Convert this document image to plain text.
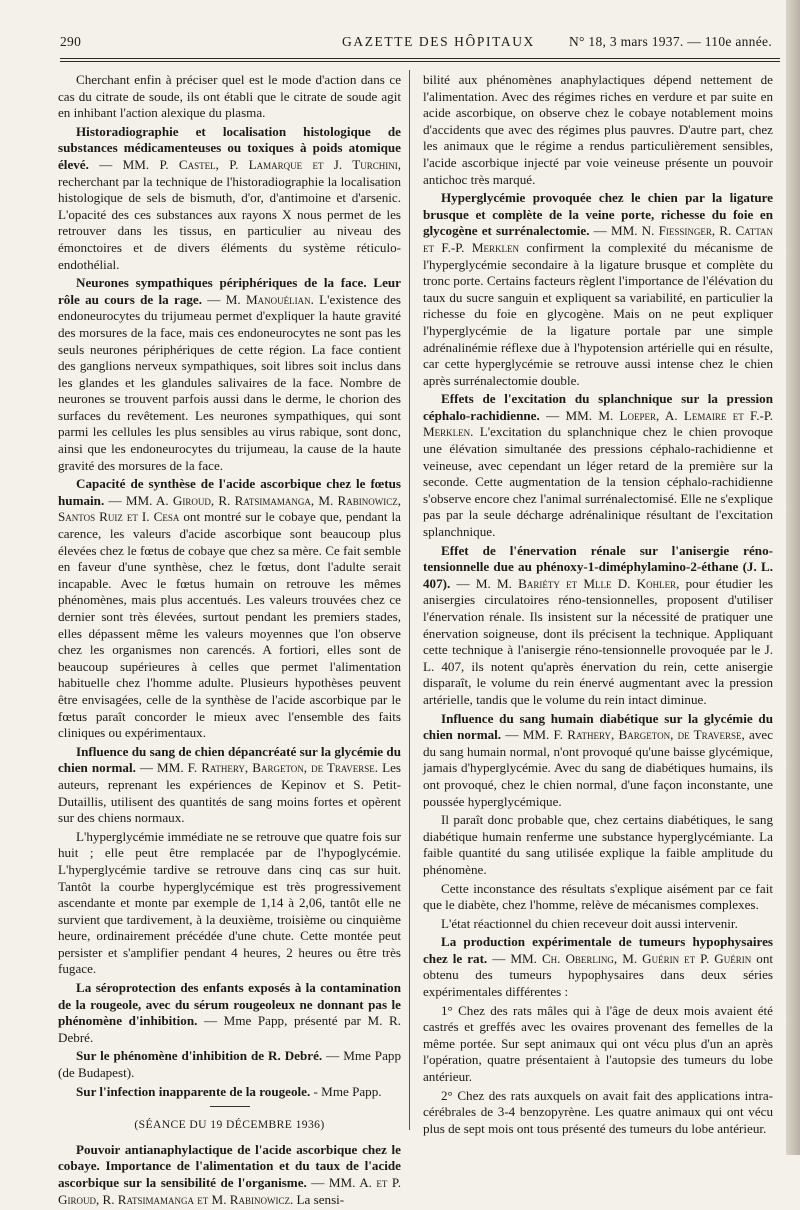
290	GAZETTE DES HÔPITAUX	N° 18, 3 mars 1937. — 110e année.

Cherchant enfin à préciser quel est le mode d'action dans ce cas du citrate de soude, ils ont établi que le citrate de soude agit en inhibant l'action alexique du plasma.

Historadiographie et localisation histologique de substances médicamenteuses ou toxiques à poids atomique élevé. — MM. P. Castel, P. Lamarque et J. Turchini, recherchant par la technique de l'historadiographie la localisation histologique de sels de bismuth, d'or, d'antimoine et d'arsenic. L'opacité des ces substances aux rayons X nous permet de les retrouver dans les tissus, en particulier au niveau des émonctoires et de divers éléments du système réticulo-endothélial.

Neurones sympathiques périphériques de la face. Leur rôle au cours de la rage. — M. Manouélian. L'existence des endoneurocytes du trijumeau permet d'expliquer la haute gravité des morsures de la face, mais ces endoneurocytes ne sont pas les seuls neurones périphériques de cette région. La face contient des ganglions nerveux sympathiques, soit libres soit inclus dans les glandes et les glandules salivaires de la face. Nombre de neurones se trouvent parfois aussi dans le derme, le chorion des surfaces du revêtement. Les neurones sympathiques, qui sont parmi les cellules les plus sensibles au virus rabique, sont donc, ainsi que les endoneurocytes du trijumeau, la cause de la haute gravité des morsures de la face.

Capacité de synthèse de l'acide ascorbique chez le fœtus humain. — MM. A. Giroud, R. Ratsimamanga, M. Rabinowicz, Santos Ruiz et I. Cesa ont montré sur le cobaye que, pendant la carence, les valeurs d'acide ascorbique sont beaucoup plus élevées chez le fœtus de cobaye que chez sa mère. Ce fait semble en faveur d'une synthèse, chez le fœtus, dont l'adulte serait incapable. Avec le fœtus humain on retrouve les mêmes phénomènes, mais plus accentués. Les valeurs trouvées chez ce dernier sont très élevées, surtout pendant les premiers stades, elles dépassent même les valeurs moyennes que l'on observe chez les organismes non carencés. A fortiori, elles sont de beaucoup supérieures à celles que permet l'alimentation habituelle chez l'homme adulte. Plusieurs hypothèses peuvent être envisagées, celle de la synthèse de l'acide ascorbique par le fœtus paraît concorder le mieux avec l'ensemble des faits cliniques ou expérimentaux.

Influence du sang de chien dépancréaté sur la glycémie du chien normal. — MM. F. Rathery, Bargeton, de Traverse. Les auteurs, reprenant les expériences de Kepinov et S. Petit-Dutaillis, utilisent des quantités de sang moins fortes et opèrent sur des chiens normaux.

L'hyperglycémie immédiate ne se retrouve que quatre fois sur huit ; elle peut être remplacée par de l'hypoglycémie. L'hyperglycémie tardive se retrouve dans cinq cas sur huit. Tantôt la courbe hyperglycémique est très progressivement ascendante et monte par exemple de 1,14 à 2,06, tantôt elle ne survient que tardivement, à la deuxième, troisième ou cinquième heure, ordinairement précédée d'une chute. Cette montée peut persister et s'amplifier pendant 4 heures, 2 heures ou être très fugace.

La séroprotection des enfants exposés à la contamination de la rougeole, avec du sérum rougeoleux ne donnant pas le phénomène d'inhibition. — Mme Papp, présenté par M. R. Debré.

Sur le phénomène d'inhibition de R. Debré. — Mme Papp (de Budapest).

Sur l'infection inapparente de la rougeole. - Mme Papp.

(SÉANCE DU 19 DÉCEMBRE 1936)

Pouvoir antianaphylactique de l'acide ascorbique chez le cobaye. Importance de l'alimentation et du taux de l'acide ascorbique sur la sensibilité de l'organisme. — MM. A. et P. Giroud, R. Ratsimamanga et M. Rabinowicz. La sensi-

bilité aux phénomènes anaphylactiques dépend nettement de l'alimentation. Avec des régimes riches en verdure et par suite en acide ascorbique, on observe chez le cobaye notablement moins d'accidents que avec des régimes plus pauvres. D'autre part, chez les animaux que le régime a rendus particulièrement sensibles, l'acide ascorbique injecté par voie veineuse présente un pouvoir antichoc très marqué.

Hyperglycémie provoquée chez le chien par la ligature brusque et complète de la veine porte, richesse du foie en glycogène et surrénalectomie. — MM. N. Fiessinger, R. Cattan et F.-P. Merklen confirment la complexité du mécanisme de l'hyperglycémie secondaire à la ligature brusque et complète du tronc porte. Certains facteurs règlent l'importance de l'élévation du taux du sucre sanguin et expliquent sa variabilité, en particulier la richesse du foie en glycogène. Mais on ne peut expliquer l'hyperglycémie de la ligature portale par une simple adrénalinémie réflexe due à l'hypotension artérielle qui en résulte, car cette hyperglycémie se retrouve aussi intense chez le chien après surrénalectomie double.

Effets de l'excitation du splanchnique sur la pression céphalo-rachidienne. — MM. M. Loeper, A. Lemaire et F.-P. Merklen. L'excitation du splanchnique chez le chien provoque une élévation simultanée des pressions céphalo-rachidienne et veineuse, avec cependant un léger retard de la première sur la seconde. Cette augmentation de la tension céphalo-rachidienne s'observe encore chez l'animal surrénalectomisé. Elle ne s'explique pas par la seule décharge adrénalinique résultant de l'excitation splanchnique.

Effet de l'énervation rénale sur l'anisergie réno-tensionnelle due au phénoxy-1-diméphylamino-2-éthane (J. L. 407). — M. M. Bariéty et Mlle D. Kohler, pour étudier les anisergies circulatoires réno-tensionnelles, proposent d'utiliser l'énervation rénale. Ils insistent sur la nécessité de pratiquer une énervation soigneuse, dont ils précisent la technique. Appliquant cette technique à l'anisergie réno-tensionnelle provoquée par le J. L. 407, ils notent qu'après énervation du rein, cette anisergie disparaît, le volume du rein énervé augmentant avec la pression artérielle, tandis que le volume du rein intact diminue.

Influence du sang humain diabétique sur la glycémie du chien normal. — MM. F. Rathery, Bargeton, de Traverse, avec du sang humain normal, n'ont provoqué qu'une baisse glycémique, jamais d'hyperglycémie. Avec du sang de diabétiques humains, ils ont provoqué, chez le chien normal, d'une façon inconstante, une poussée hyperglycémique.

Il paraît donc probable que, chez certains diabétiques, le sang diabétique humain renferme une substance hyperglycémiante. La faible quantité du sang utilisée explique la faible amplitude du phénomène.

Cette inconstance des résultats s'explique aisément par ce fait que le diabète, chez l'homme, relève de mécanismes complexes.

L'état réactionnel du chien receveur doit aussi intervenir.

La production expérimentale de tumeurs hypophysaires chez le rat. — MM. Ch. Oberling, M. Guérin et P. Guérin ont obtenu des tumeurs hypophysaires dans deux séries expérimentales différentes :

1° Chez des rats mâles qui à l'âge de deux mois avaient été castrés et greffés avec les ovaires provenant des femelles de la même portée. Sur sept animaux qui ont vécu plus d'un an après l'opération, quatre présentaient à l'autopsie des tumeurs du lobe antérieur.

2° Chez des rats auxquels on avait fait des applications intra-cérébrales de 3-4 benzopyrène. Les quatre animaux qui ont vécu plus de sept mois ont tous présenté des tumeurs du lobe antérieur.
